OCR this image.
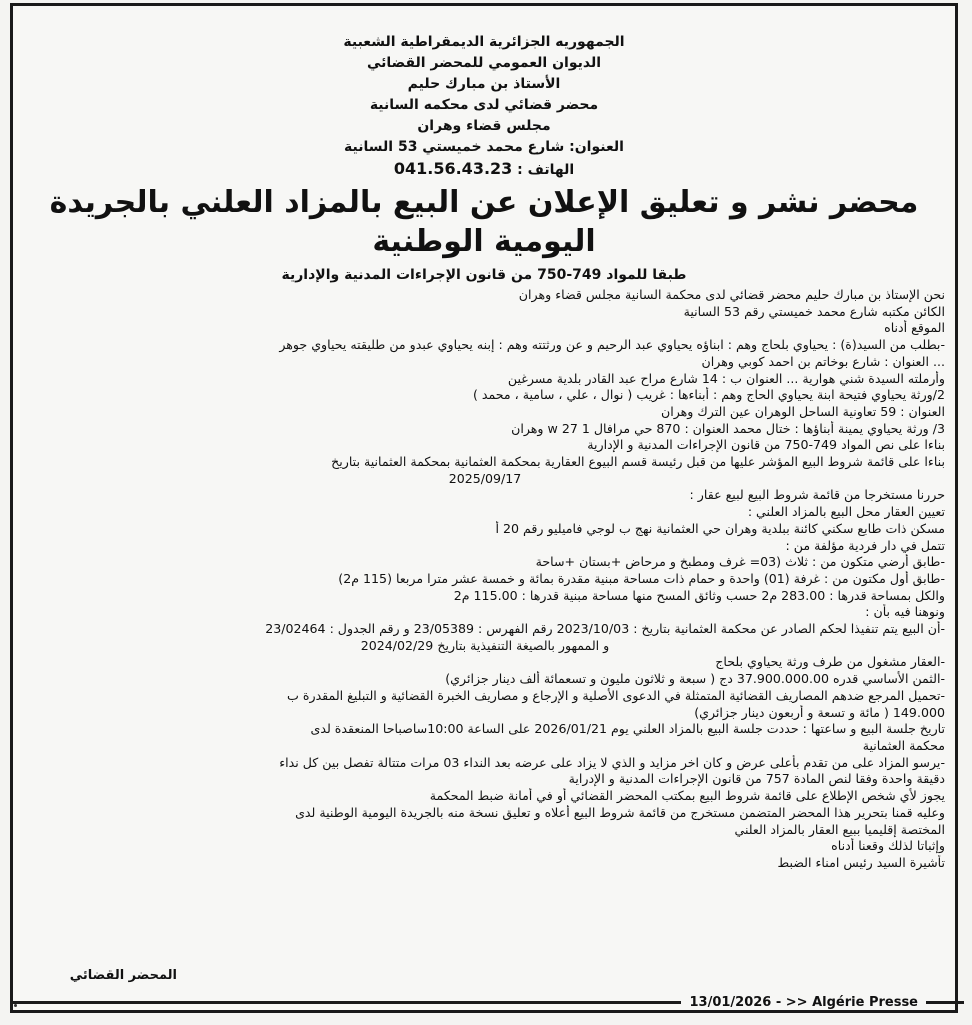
الجمهوريه الجزائرية الديمقراطية الشعبية
الديوان العمومي للمحضر القضائي
الأستاذ بن مبارك حليم
محضر قضائي لدى محكمه السانية
مجلس قضاء وهران
العنوان: شارع محمد خميستي 53 السانية
الهاتف : 041.56.43.23
محضر نشر و تعليق الإعلان عن البيع بالمزاد العلني بالجريدة اليومية الوطنية
طبقا للمواد 749-750 من قانون الإجراءات المدنية والإدارية
نحن الإستاذ بن مبارك حليم محضر قضائي لدى محكمة السانية مجلس قضاء وهران
الكائن مكتبه شارع محمد خميستي رقم 53 السانية
الموقع أدناه
-بطلب من السيد(ة) : يحياوي بلحاج وهم : ابناؤه يحياوي عبد الرحيم و عن ورثتته وهم : إبنه يحياوي عبدو من طليقته يحياوي جوهر
... العنوان : شارع بوخاتم بن احمد كوبي وهران
وأرملته السيدة شني هوارية ... العنوان ب : 14 شارع مراح عبد القادر بلدية مسرغين
2/ورثة يحياوي فتيحة ابنة يحياوي الحاج وهم : أبناءها : غريب ( نوال ، علي ، سامية ، محمد )
العنوان : 59 تعاونية الساحل الوهران عين الترك وهران
3/ ورثة يحياوي يمينة أبناؤها : ختال محمد العنوان : 870 حي مرافال 1 w 27 وهران
بناءا على نص المواد 749-750 من قانون الإجراءات المدنية و الإدارية
بناءا على قائمة شروط البيع المؤشر عليها من قبل رئيسة قسم البيوع العقارية بمحكمة العثمانية بمحكمة العثمانية بتاريخ
2025/09/17
حررنا مستخرجا من قائمة شروط البيع لبيع عقار :
تعيين العقار محل البيع بالمزاد العلني :
مسكن ذات طابع سكني كائنة ببلدية وهران حي العثمانية نهج ب لوجي فاميليو رقم 20 أ
تتمل في دار فردية مؤلفة من :
-طابق أرضي متكون من : ثلاث (03= غرف ومطبخ و مرحاض +بستان +ساحة
-طابق أول مكتون من : غرفة (01) واحدة و حمام ذات مساحة مبنية مقدرة بمائة و خمسة عشر مترا مربعا (115 م2)
والكل بمساحة قدرها : 283.00 م2 حسب وثائق المسح منها مساحة مبنية قدرها : 115.00 م2
ونوهنا فيه بأن :
-أن البيع يتم تنفيذا لحكم الصادر عن محكمة العثمانية بتاريخ : 2023/10/03 رقم الفهرس : 23/05389 و رقم الجدول : 23/02464
و الممهور بالصيغة التنفيذية بتاريخ 2024/02/29
-العقار مشغول من طرف ورثة يحياوي بلحاج
-الثمن الأساسي قدره 37.900.000.00 دج ( سبعة و ثلاثون مليون و تسعمائة ألف دينار جزائري)
-تحميل المرجع ضدهم المصاريف القضائية المتمثلة في الدعوى الأصلية و الإرجاع و مصاريف الخبرة القضائية و التبليغ المقدرة ب
149.000 ( مائة و تسعة و أربعون دينار جزائري)
تاريخ جلسة البيع و ساعتها : حددت جلسة البيع بالمزاد العلني يوم 2026/01/21 على الساعة 10:00ساصباحا المنعقدة لدى
محكمة العثمانية
-يرسو المزاد على من تقدم بأعلى عرض و كان اخر مزايد و الذي لا يزاد على عرضه بعد النداء 03 مرات متتالة تفصل بين كل نداء
دقيقة واحدة وفقا لنص المادة 757 من قانون الإجراءات المدنية و الإدراية
يجوز لأي شخص الإطلاع على قائمة شروط البيع بمكتب المحضر القضائي أو في أمانة ضبط المحكمة
وعليه قمنا بتحرير هذا المحضر المتضمن مستخرج من قائمة شروط البيع أعلاه و تعليق نسخة منه بالجريدة اليومية الوطنية لدى
المختصة إقليميا ببيع العقار بالمزاد العلني
وإثباتا لذلك وقعنا أدناه
تأشيرة السيد رئيس امناء الضبط
المحضر القضائي
13/01/2026 - >> Algérie Presse
